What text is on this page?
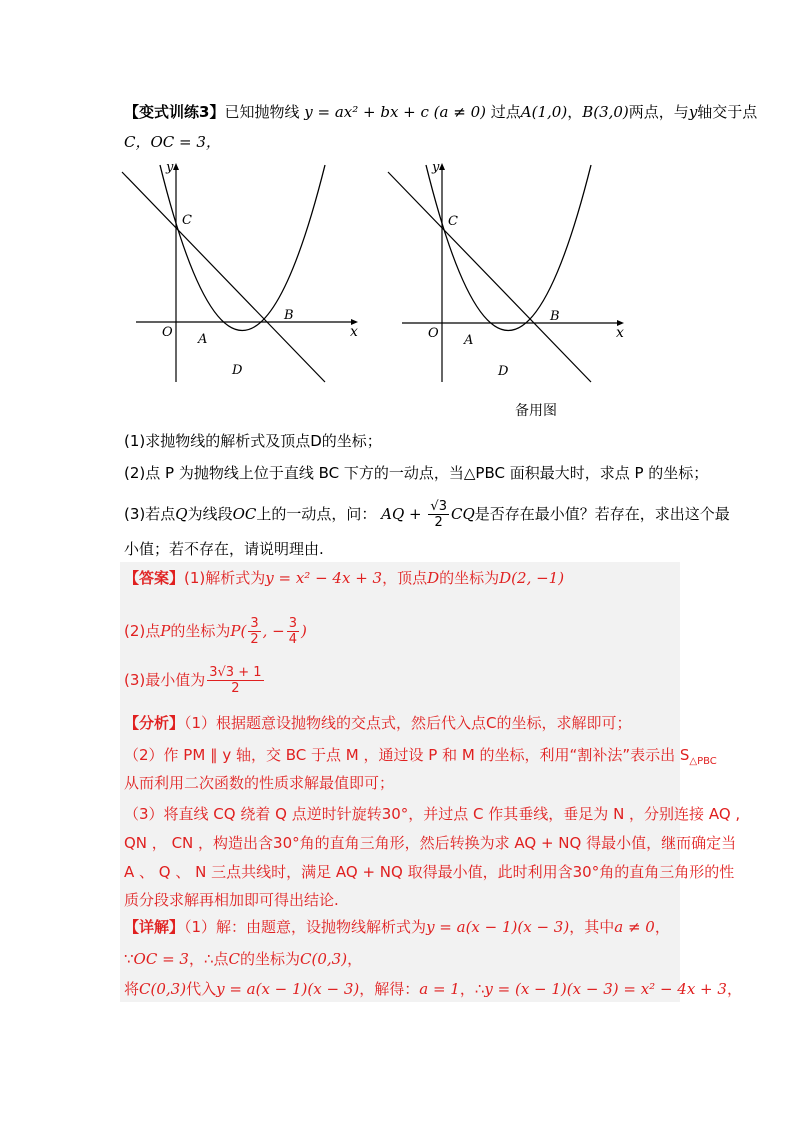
【变式训练3】已知抛物线 y = ax² + bx + c (a ≠ 0) 过点A(1,0)，B(3,0)两点，与y轴交于点
C，OC = 3，
y
x
O A
B
C
D
y
x
O A
B
C
D
备用图
(1)求抛物线的解析式及顶点D的坐标；
(2)点 P 为抛物线上位于直线 BC 下方的一动点，当△PBC 面积最大时，求点 P 的坐标；
(3)若点Q为线段OC上的一动点，问： AQ + $\frac{√3}{2}$ CQ是否存在最小值？若存在，求出这个最
小值；若不存在，请说明理由.
【答案】(1)解析式为y = x² − 4x + 3，顶点D的坐标为D(2, −1)
(2)点P的坐标为$P( \frac{3}{2}$ , − $\frac{3}{4}$ )
(3)最小值为 $\frac{3√3 + 1}{2}$
【分析】（1）根据题意设抛物线的交点式，然后代入点C的坐标，求解即可；
（2）作 PM ∥ y 轴，交 BC 于点 M ，通过设 P 和 M 的坐标，利用“割补法”表示出 $S_{\triangle PBC}$
从而利用二次函数的性质求解最值即可；
（3）将直线 CQ 绕着 Q 点逆时针旋转30°，并过点 C 作其垂线，垂足为 N ，分别连接 AQ ,
QN ， CN ，构造出含30°角的直角三角形，然后转换为求 AQ + NQ 得最小值，继而确定当
A 、 Q 、 N 三点共线时，满足 AQ + NQ 取得最小值，此时利用含30°角的直角三角形的性
质分段求解再相加即可得出结论.
【详解】（1）解：由题意，设抛物线解析式为y = a(x − 1)(x − 3)，其中a ≠ 0，
∵OC = 3，∴点C的坐标为C(0,3)，
将C(0,3)代入y = a(x − 1)(x − 3)，解得：a = 1，∴y = (x − 1)(x − 3) = x² − 4x + 3，
